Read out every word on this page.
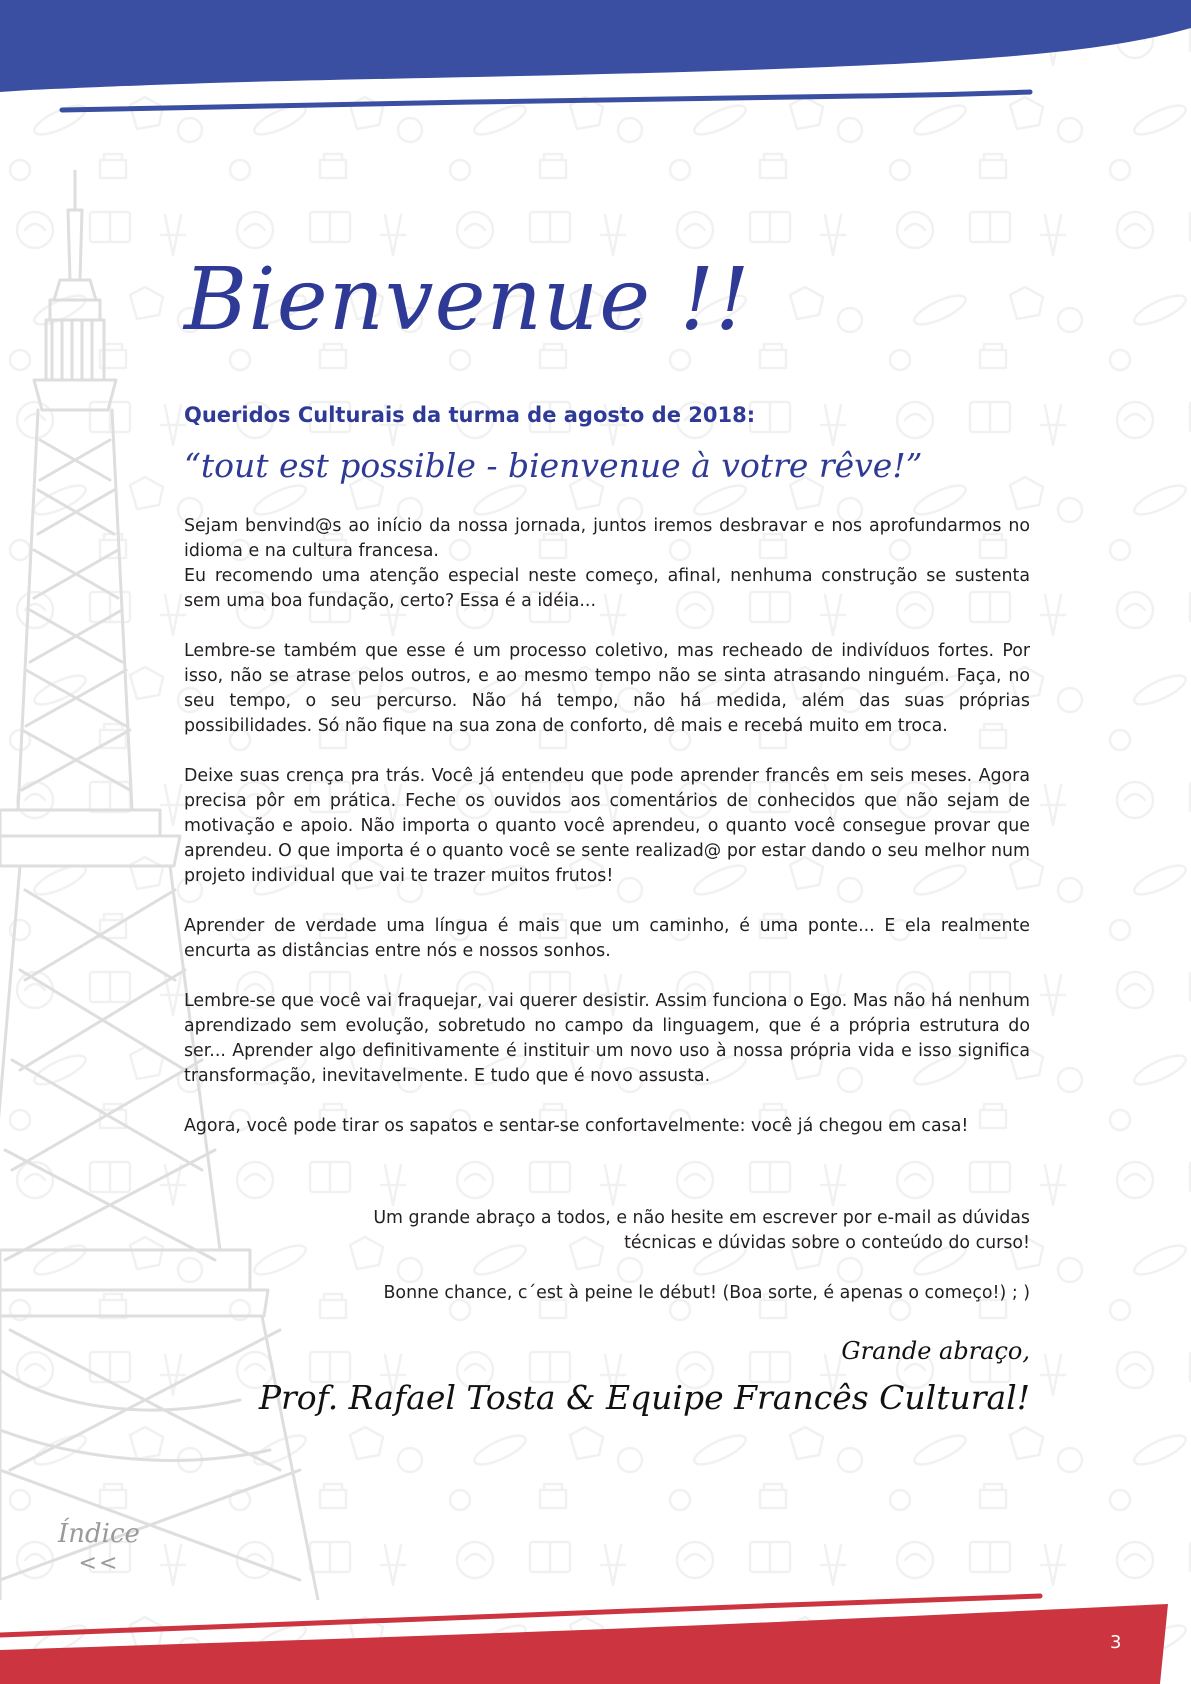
Bienvenue !!
Queridos Culturais da turma de agosto de 2018:
“tout est possible - bienvenue à votre rêve!”

Sejam benvind@s ao início da nossa jornada, juntos iremos desbravar e nos aprofundarmos no idioma e na cultura francesa.

Eu recomendo uma atenção especial neste começo, afinal, nenhuma construção se sustenta sem uma boa fundação, certo? Essa é a idéia...

Lembre-se também que esse é um processo coletivo, mas recheado de indivíduos fortes. Por isso, não se atrase pelos outros, e ao mesmo tempo não se sinta atrasando ninguém. Faça, no seu tempo, o seu percurso. Não há tempo, não há medida, além das suas próprias possibilidades. Só não fique na sua zona de conforto, dê mais e recebá muito em troca.

Deixe suas crença pra trás. Você já entendeu que pode aprender francês em seis meses. Agora precisa pôr em prática. Feche os ouvidos aos comentários de conhecidos que não sejam de motivação e apoio. Não importa o quanto você aprendeu, o quanto você consegue provar que aprendeu. O que importa é o quanto você se sente realizad@ por estar dando o seu melhor num projeto individual que vai te trazer muitos frutos!

Aprender de verdade uma língua é mais que um caminho, é uma ponte... E ela realmente encurta as distâncias entre nós e nossos sonhos.

Lembre-se que você vai fraquejar, vai querer desistir. Assim funciona o Ego. Mas não há nenhum aprendizado sem evolução, sobretudo no campo da linguagem, que é a própria estrutura do ser... Aprender algo definitivamente é instituir um novo uso à nossa própria vida e isso significa transformação, inevitavelmente. E tudo que é novo assusta.

Agora, você pode tirar os sapatos e sentar-se confortavelmente: você já chegou em casa!

Um grande abraço a todos, e não hesite em escrever por e-mail as dúvidas

técnicas e dúvidas sobre o conteúdo do curso!

Bonne chance, c´est à peine le début! (Boa sorte, é apenas o começo!) ; )

Grande abraço,
Prof. Rafael Tosta & Equipe Francês Cultural!
Índice
<<
3
